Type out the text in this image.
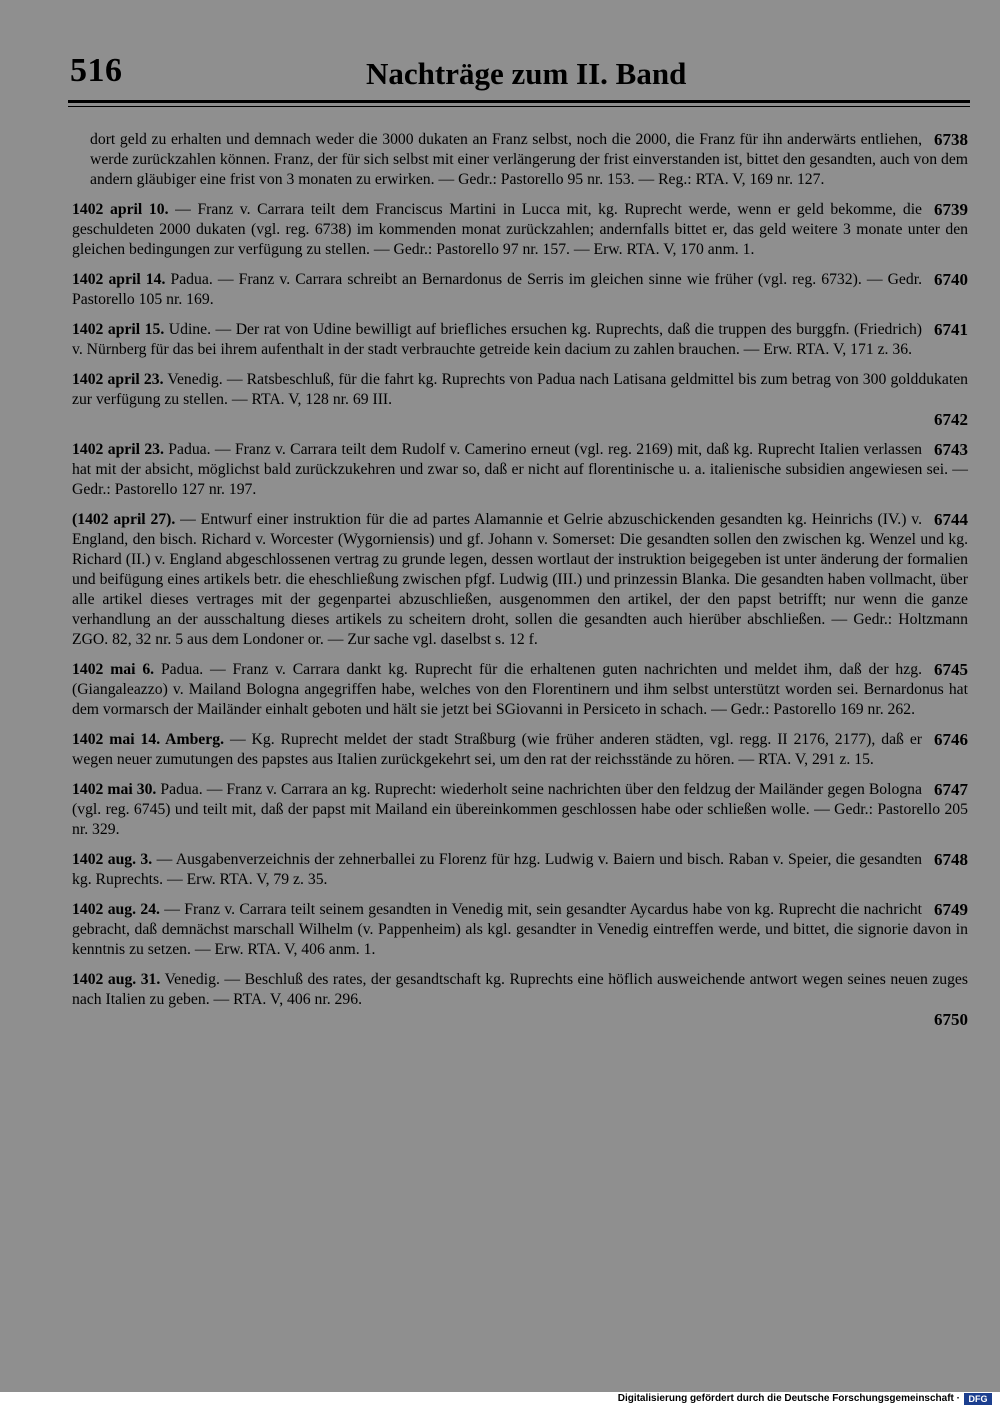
516	Nachträge zum II. Band
6738
dort geld zu erhalten und demnach weder die 3000 dukaten an Franz selbst, noch die 2000, die Franz für ihn anderwärts entliehen, werde zurückzahlen können. Franz, der für sich selbst mit einer verlängerung der frist einverstanden ist, bittet den gesandten, auch von dem andern gläubiger eine frist von 3 monaten zu erwirken. — Gedr.: Pastorello 95 nr. 153. — Reg.: RTA. V, 169 nr. 127.
6739
1402 april 10. — Franz v. Carrara teilt dem Franciscus Martini in Lucca mit, kg. Ruprecht werde, wenn er geld bekomme, die geschuldeten 2000 dukaten (vgl. reg. 6738) im kommenden monat zurückzahlen; andernfalls bittet er, das geld weitere 3 monate unter den gleichen bedingungen zur verfügung zu stellen. — Gedr.: Pastorello 97 nr. 157. — Erw. RTA. V, 170 anm. 1.
6740
1402 april 14. Padua. — Franz v. Carrara schreibt an Bernardonus de Serris im gleichen sinne wie früher (vgl. reg. 6732). — Gedr. Pastorello 105 nr. 169.
6741
1402 april 15. Udine. — Der rat von Udine bewilligt auf briefliches ersuchen kg. Ruprechts, daß die truppen des burggfn. (Friedrich) v. Nürnberg für das bei ihrem aufenthalt in der stadt verbrauchte getreide kein dacium zu zahlen brauchen. — Erw. RTA. V, 171 z. 36.
1402 april 23. Venedig. — Ratsbeschluß, für die fahrt kg. Ruprechts von Padua nach Latisana geldmittel bis zum betrag von 300 golddukaten zur verfügung zu stellen. — RTA. V, 128 nr. 69 III.
6742
6743
1402 april 23. Padua. — Franz v. Carrara teilt dem Rudolf v. Camerino erneut (vgl. reg. 2169) mit, daß kg. Ruprecht Italien verlassen hat mit der absicht, möglichst bald zurückzukehren und zwar so, daß er nicht auf florentinische u. a. italienische subsidien angewiesen sei. — Gedr.: Pastorello 127 nr. 197.
6744
(1402 april 27). — Entwurf einer instruktion für die ad partes Alamannie et Gelrie abzuschickenden gesandten kg. Heinrichs (IV.) v. England, den bisch. Richard v. Worcester (Wygorniensis) und gf. Johann v. Somerset: Die gesandten sollen den zwischen kg. Wenzel und kg. Richard (II.) v. England abgeschlossenen vertrag zu grunde legen, dessen wortlaut der instruktion beigegeben ist unter änderung der formalien und beifügung eines artikels betr. die eheschließung zwischen pfgf. Ludwig (III.) und prinzessin Blanka. Die gesandten haben vollmacht, über alle artikel dieses vertrages mit der gegenpartei abzuschließen, ausgenommen den artikel, der den papst betrifft; nur wenn die ganze verhandlung an der ausschaltung dieses artikels zu scheitern droht, sollen die gesandten auch hierüber abschließen. — Gedr.: Holtzmann ZGO. 82, 32 nr. 5 aus dem Londoner or. — Zur sache vgl. daselbst s. 12 f.
6745
1402 mai 6. Padua. — Franz v. Carrara dankt kg. Ruprecht für die erhaltenen guten nachrichten und meldet ihm, daß der hzg. (Giangaleazzo) v. Mailand Bologna angegriffen habe, welches von den Florentinern und ihm selbst unterstützt worden sei. Bernardonus hat dem vormarsch der Mailänder einhalt geboten und hält sie jetzt bei SGiovanni in Persiceto in schach. — Gedr.: Pastorello 169 nr. 262.
6746
1402 mai 14. Amberg. — Kg. Ruprecht meldet der stadt Straßburg (wie früher anderen städten, vgl. regg. II 2176, 2177), daß er wegen neuer zumutungen des papstes aus Italien zurückgekehrt sei, um den rat der reichsstände zu hören. — RTA. V, 291 z. 15.
6747
1402 mai 30. Padua. — Franz v. Carrara an kg. Ruprecht: wiederholt seine nachrichten über den feldzug der Mailänder gegen Bologna (vgl. reg. 6745) und teilt mit, daß der papst mit Mailand ein übereinkommen geschlossen habe oder schließen wolle. — Gedr.: Pastorello 205 nr. 329.
6748
1402 aug. 3. — Ausgabenverzeichnis der zehnerballei zu Florenz für hzg. Ludwig v. Baiern und bisch. Raban v. Speier, die gesandten kg. Ruprechts. — Erw. RTA. V, 79 z. 35.
6749
1402 aug. 24. — Franz v. Carrara teilt seinem gesandten in Venedig mit, sein gesandter Aycardus habe von kg. Ruprecht die nachricht gebracht, daß demnächst marschall Wilhelm (v. Pappenheim) als kgl. gesandter in Venedig eintreffen werde, und bittet, die signorie davon in kenntnis zu setzen. — Erw. RTA. V, 406 anm. 1.
1402 aug. 31. Venedig. — Beschluß des rates, der gesandtschaft kg. Ruprechts eine höflich ausweichende antwort wegen seines neuen zuges nach Italien zu geben. — RTA. V, 406 nr. 296.
6750
Digitalisierung gefördert durch die Deutsche Forschungsgemeinschaft · DFG
